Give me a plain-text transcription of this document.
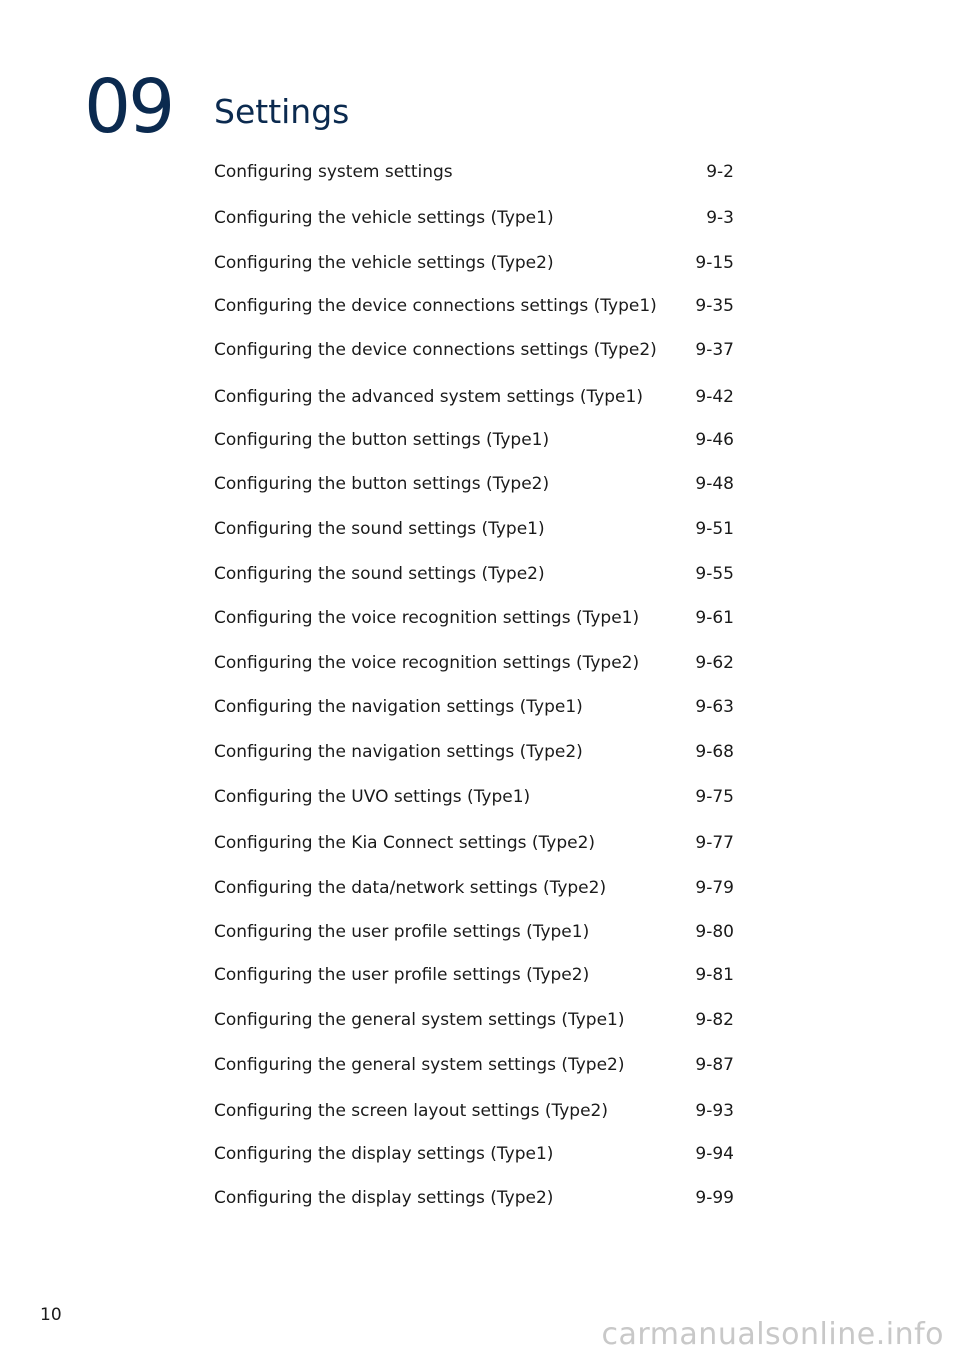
09 Settings
Configuring system settings	9-2
Configuring the vehicle settings (Type1)	9-3
Configuring the vehicle settings (Type2)	9-15
Configuring the device connections settings (Type1) 9-35
Configuring the device connections settings (Type2) 9-37
Configuring the advanced system settings (Type1)	9-42
Configuring the button settings (Type1)	9-46
Configuring the button settings (Type2)	9-48
Configuring the sound settings (Type1)	9-51
Configuring the sound settings (Type2)	9-55
Configuring the voice recognition settings (Type1)	9-61
Configuring the voice recognition settings (Type2)	9-62
Configuring the navigation settings (Type1)	9-63
Configuring the navigation settings (Type2)	9-68
Configuring the UVO settings (Type1)	9-75
Configuring the Kia Connect settings (Type2)	9-77
Configuring the data/network settings (Type2)	9-79
Configuring the user profile settings (Type1)	9-80
Configuring the user profile settings (Type2)	9-81
Configuring the general system settings (Type1)	9-82
Configuring the general system settings (Type2)	9-87
Configuring the screen layout settings (Type2)	9-93
Configuring the display settings (Type1)	9-94
Configuring the display settings (Type2)	9-99
10
carmanualsonline.info
